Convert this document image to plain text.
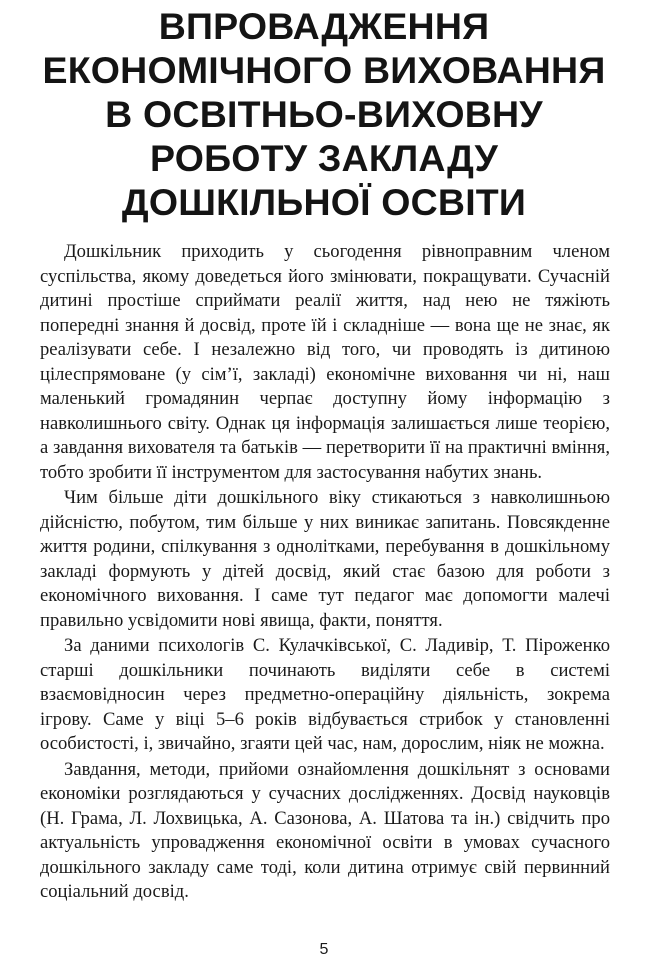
ВПРОВАДЖЕННЯ
ЕКОНОМІЧНОГО ВИХОВАННЯ
В ОСВІТНЬО-ВИХОВНУ
РОБОТУ ЗАКЛАДУ
ДОШКІЛЬНОЇ ОСВІТИ

Дошкільник приходить у сьогодення рівноправним членом суспільства, якому доведеться його змінювати, покращувати. Сучасній дитині простіше сприймати реалії життя, над нею не тяжіють попередні знання й досвід, проте їй і складніше — вона ще не знає, як реалізувати себе. І незалежно від того, чи проводять із дитиною цілеспрямоване (у сім’ї, закладі) економічне виховання чи ні, наш маленький громадянин черпає доступну йому інформацію з навколишнього світу. Однак ця інформація залишається лише теорією, а завдання вихователя та батьків — перетворити її на практичні вміння, тобто зробити її інструментом для застосування набутих знань.

Чим більше діти дошкільного віку стикаються з навколишньою дійсністю, побутом, тим більше у них виникає запитань. Повсякденне життя родини, спілкування з однолітками, перебування в дошкільному закладі формують у дітей досвід, який стає базою для роботи з економічного виховання. І саме тут педагог має допомогти малечі правильно усвідомити нові явища, факти, поняття.

За даними психологів С. Кулачківської, С. Ладивір, Т. Піроженко старші дошкільники починають виділяти себе в системі взаємовідносин через предметно-операційну діяльність, зокрема ігрову. Саме у віці 5–6 років відбувається стрибок у становленні особистості, і, звичайно, згаяти цей час, нам, дорослим, ніяк не можна.

Завдання, методи, прийоми ознайомлення дошкільнят з основами економіки розглядаються у сучасних дослідженнях. Досвід науковців (Н. Грама, Л. Лохвицька, А. Сазонова, А. Шатова та ін.) свідчить про актуальність упровадження економічної освіти в умовах сучасного дошкільного закладу саме тоді, коли дитина отримує свій первинний соціальний досвід.

5
